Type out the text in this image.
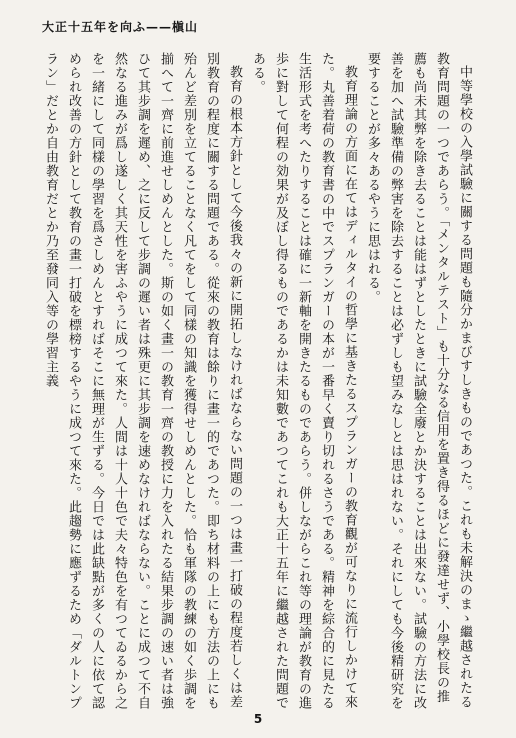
大正十五年を向ふ——槇山

中等學校の入學試驗に關する問題も隨分かまびすしきものであつた。これも未解決のまゝ繼越されたる教育問題の一つであらう。「メンタルテスト」も十分なる信用を置き得るほどに發達せず、小學校長の推薦も尚未其弊を除き去ることは能はずとしたときに試驗全廢とか決することは出來ない。試驗の方法に改善を加へ試驗準備の弊害を除去することは必ずしも望みなしとは思はれない。それにしても今後精研究を要することが多々あるやうに思はれる。

教育理論の方面に在てはディルタイの哲學に基きたるスプランガーの教育觀が可なりに流行しかけて來た。丸善着荷の教育書の中でスプランガーの本が一番早く賣り切れるさうである。精神を綜合的に見たる生活形式を考へたりすることは確に一新軸を開きたるものであらう。併しながらこれ等の理論が教育の進歩に對して何程の効果が及ぼし得るものであるかは未知數であつてこれも大正十五年に繼越された問題である。

教育の根本方針として今後我々の新に開拓しなければならない問題の一つは畫一打破の程度若しくは差別教育の程度に關する問題である。從來の教育は餘りに畫一的であつた。即ち材料の上にも方法の上にも殆んど差別を立てることなく凡てをして同樣の知識を獲得せしめんとした。恰も軍隊の教練の如く歩調を揃へて一齊に前進せしめんとした。斯の如く畫一の教育一齊の教授に力を入れたる結果步調の速い者は強ひて其步調を遲め、之に反して步調の遲い者は殊更に其步調を速めなければならない。ことに成つて不自然なる進みが爲し遂しく其天性を害ふやうに成つて來た。人間は十人十色で夫々特色を有つてゐるから之を一緒にして同樣の學習を爲さしめんとすればそこに無理が生ずる。今日では此缺點が多くの人に依て認められ改善の方針として教育の畫一打破を標榜するやうに成つて來た。此趨勢に應ずるため「ダルトンプラン」だとか自由教育だとか乃至發同入等の學習主義

5
